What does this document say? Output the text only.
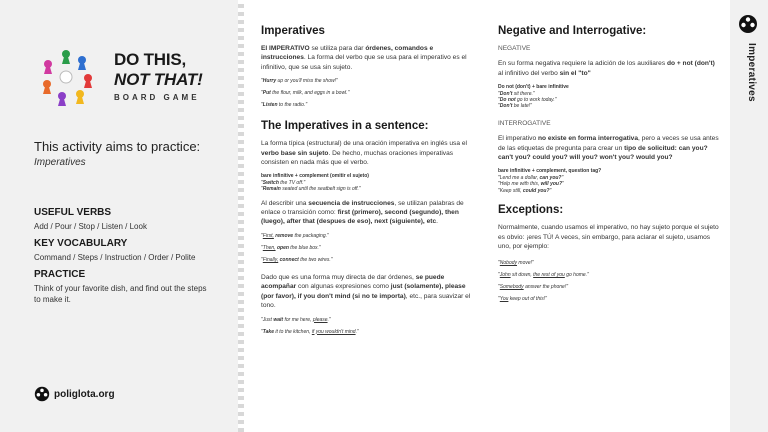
DO THIS,
NOT THAT!
BOARD GAME
This activity aims to practice:
Imperatives
USEFUL VERBS
Add / Pour / Stop / Listen / Look
KEY VOCABULARY
Command / Steps / Instruction / Order / Polite
PRACTICE
Think of your favorite dish, and find out the steps to make it.
poliglota.org
Imperatives

El IMPERATIVO se utiliza para dar órdenes, comandos e instrucciones. La forma del verbo que se usa para el imperativo es el infinitivo, que se usa sin sujeto.

"Hurry up or you'll miss the show!"
"Put the flour, milk, and eggs in a bowl."
"Listen to the radio."
The Imperatives in a sentence:

La forma típica (estructural) de una oración imperativa en inglés usa el verbo base sin sujeto. De hecho, muchas oraciones imperativas consisten en nada más que el verbo.

bare infinitive + complement (omitir el sujeto)
"Switch the TV off."
"Remain seated until the seatbelt sign is off."

Al describir una secuencia de instrucciones, se utilizan palabras de enlace o transición como: first (primero), second (segundo), then (luego), after that (despues de eso), next (siguiente), etc.

"First, remove the packaging."
"Then, open the blue box."
"Finally, connect the two wires."

Dado que es una forma muy directa de dar órdenes, se puede acompañar con algunas expresiones como just (solamente), please (por favor), if you don't mind (si no te importa), etc., para suavizar el tono.

"Just wait for me here, please."
"Take it to the kitchen, if you wouldn't mind."
Negative and Interrogative:
NEGATIVE

En su forma negativa requiere la adición de los auxiliares do + not (don't) al infinitivo del verbo sin el "to"

Do not (don't) + bare infinitive
"Don't sit there."
"Do not go to work today."
"Don't be late!"
INTERROGATIVE

El imperativo no existe en forma interrogativa, pero a veces se usa antes de las etiquetas de pregunta para crear un tipo de solicitud: can you? can't you? could you? will you? won't you? would you?

bare infinitive + complement, question tag?
"Lend me a dollar, can you?"
"Help me with this, will you?"
"Keep still, could you?"
Exceptions:

Normalmente, cuando usamos el imperativo, no hay sujeto porque el sujeto es obvio: ¡eres TÚ! A veces, sin embargo, para aclarar el sujeto, usamos uno, por ejemplo:

"Nobody move!"
"John sit down, the rest of you go home."
"Somebody answer the phone!"
"You keep out of this!"
Imperatives
